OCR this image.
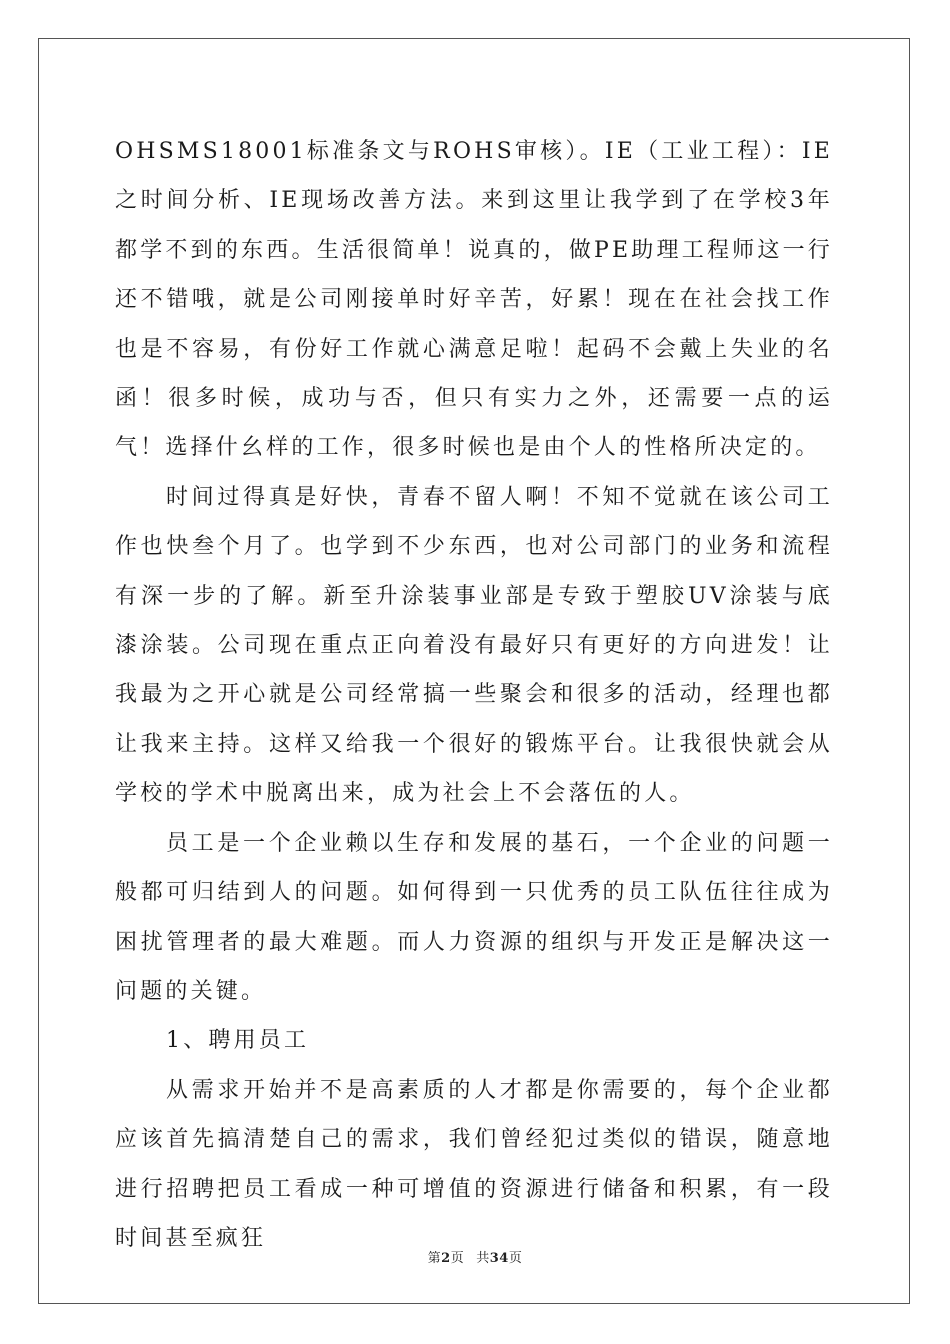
OHSMS18001标准条文与ROHS审核）。IE（工业工程）：IE之时间分析、IE现场改善方法。来到这里让我学到了在学校3年都学不到的东西。生活很简单！说真的，做PE助理工程师这一行还不错哦，就是公司刚接单时好辛苦，好累！现在在社会找工作也是不容易，有份好工作就心满意足啦！起码不会戴上失业的名函！很多时候，成功与否，但只有实力之外，还需要一点的运气！选择什幺样的工作，很多时候也是由个人的性格所决定的。

时间过得真是好快，青春不留人啊！不知不觉就在该公司工作也快叁个月了。也学到不少东西，也对公司部门的业务和流程有深一步的了解。新至升涂装事业部是专致于塑胶UV涂装与底漆涂装。公司现在重点正向着没有最好只有更好的方向进发！让我最为之开心就是公司经常搞一些聚会和很多的活动，经理也都让我来主持。这样又给我一个很好的锻炼平台。让我很快就会从学校的学术中脱离出来，成为社会上不会落伍的人。

员工是一个企业赖以生存和发展的基石，一个企业的问题一般都可归结到人的问题。如何得到一只优秀的员工队伍往往成为困扰管理者的最大难题。而人力资源的组织与开发正是解决这一问题的关键。

1、聘用员工

从需求开始并不是高素质的人才都是你需要的，每个企业都应该首先搞清楚自己的需求，我们曾经犯过类似的错误，随意地进行招聘把员工看成一种可增值的资源进行储备和积累，有一段时间甚至疯狂

第2页 共34页
